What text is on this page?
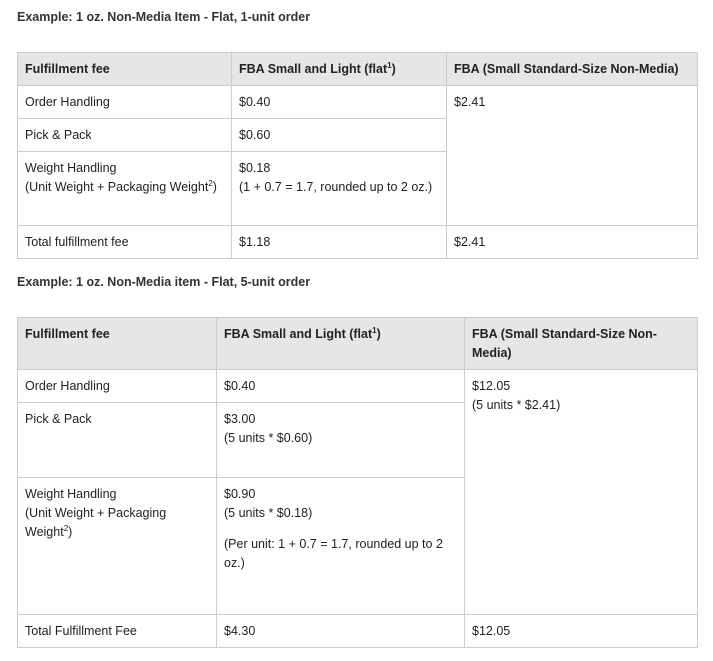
Example: 1 oz. Non-Media Item - Flat, 1-unit order
Fulfillment fee	FBA Small and Light (flat$^1$)	FBA (Small Standard-Size Non-Media)
Order Handling	$0.40	$2.41
Pick & Pack	$0.60	

Weight Handling
(Unit Weight + Packaging Weight$^2$)	$0.18
(1 + 0.7 = 1.7, rounded up to 2 oz.)	

Total fulfillment fee	$1.18	$2.41
Example: 1 oz. Non-Media item - Flat, 5-unit order
Fulfillment fee	FBA Small and Light (flat$^1$)	FBA (Small Standard-Size Non-Media)
Order Handling	$0.40	$12.05
(5 units * $2.41)

Pick & Pack	$3.00
(5 units * $0.60)	

Weight Handling
(Unit Weight + Packaging Weight$^2$)	$0.90
(5 units * $0.18)
(Per unit: 1 + 0.7 = 1.7, rounded up to 2 oz.)	

Total Fulfillment Fee	$4.30	$12.05
